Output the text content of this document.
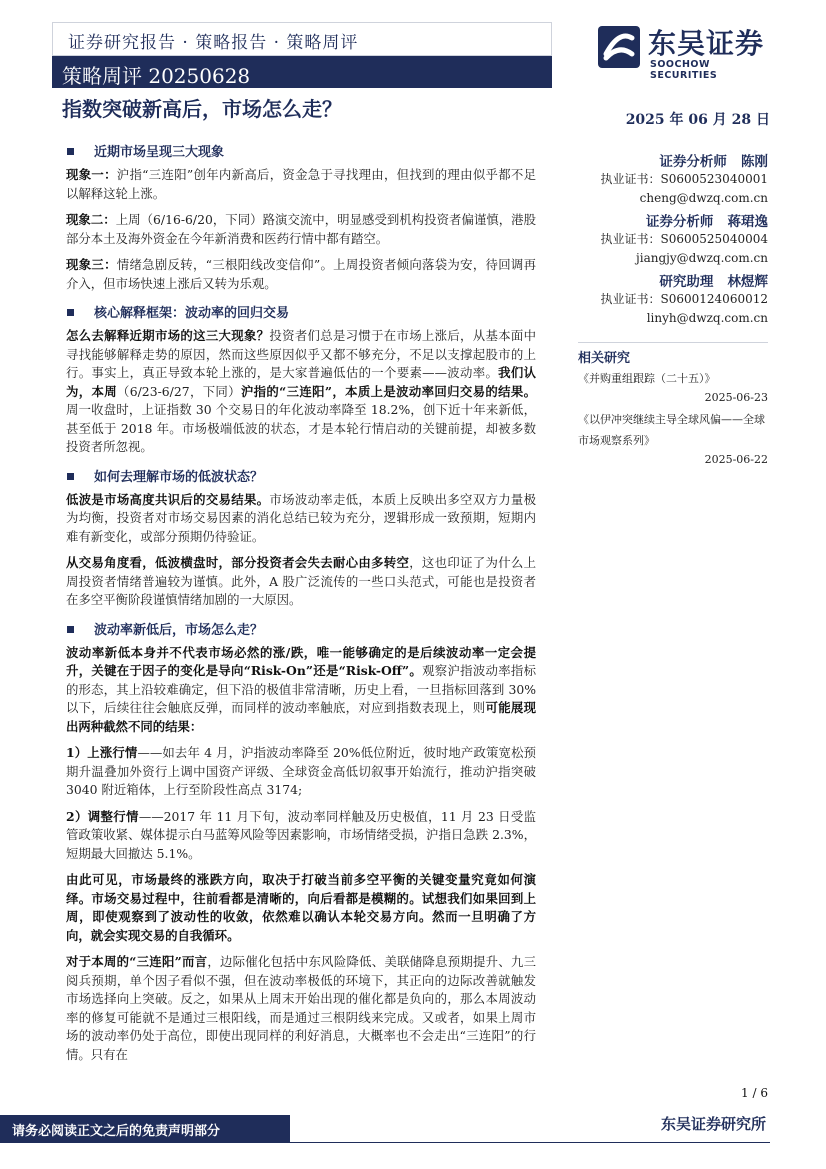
证券研究报告 · 策略报告 · 策略周评
策略周评 20250628
东吴证券
SOOCHOW SECURITIES
指数突破新高后，市场怎么走？	2025 年 06 月 28 日
近期市场呈现三大现象

现象一：沪指“三连阳”创年内新高后，资金急于寻找理由，但找到的理由似乎都不足以解释这轮上涨。

现象二：上周（6/16-6/20，下同）路演交流中，明显感受到机构投资者偏谨慎，港股部分本土及海外资金在今年新消费和医药行情中都有踏空。

现象三：情绪急剧反转，“三根阳线改变信仰”。上周投资者倾向落袋为安，待回调再介入，但市场快速上涨后又转为乐观。

核心解释框架：波动率的回归交易

怎么去解释近期市场的这三大现象？投资者们总是习惯于在市场上涨后，从基本面中寻找能够解释走势的原因，然而这些原因似乎又都不够充分，不足以支撑起股市的上行。事实上，真正导致本轮上涨的，是大家普遍低估的一个要素——波动率。我们认为，本周（6/23-6/27，下同）沪指的“三连阳”，本质上是波动率回归交易的结果。周一收盘时，上证指数 30 个交易日的年化波动率降至 18.2%，创下近十年来新低，甚至低于 2018 年。市场极端低波的状态，才是本轮行情启动的关键前提，却被多数投资者所忽视。

如何去理解市场的低波状态？

低波是市场高度共识后的交易结果。市场波动率走低，本质上反映出多空双方力量极为均衡，投资者对市场交易因素的消化总结已较为充分，逻辑形成一致预期，短期内难有新变化，或部分预期仍待验证。

从交易角度看，低波横盘时，部分投资者会失去耐心由多转空，这也印证了为什么上周投资者情绪普遍较为谨慎。此外，A 股广泛流传的一些口头范式，可能也是投资者在多空平衡阶段谨慎情绪加剧的一大原因。

波动率新低后，市场怎么走？

波动率新低本身并不代表市场必然的涨/跌，唯一能够确定的是后续波动率一定会提升，关键在于因子的变化是导向“Risk-On”还是“Risk-Off”。观察沪指波动率指标的形态，其上沿较难确定，但下沿的极值非常清晰，历史上看，一旦指标回落到 30%以下，后续往往会触底反弹，而同样的波动率触底，对应到指数表现上，则可能展现出两种截然不同的结果：

1）上涨行情——如去年 4 月，沪指波动率降至 20%低位附近，彼时地产政策宽松预期升温叠加外资行上调中国资产评级、全球资金高低切叙事开始流行，推动沪指突破 3040 附近箱体，上行至阶段性高点 3174;

2）调整行情——2017 年 11 月下旬，波动率同样触及历史极值，11 月 23 日受监管政策收紧、媒体提示白马蓝筹风险等因素影响，市场情绪受损，沪指日急跌 2.3%，短期最大回撤达 5.1%。

由此可见，市场最终的涨跌方向，取决于打破当前多空平衡的关键变量究竟如何演绎。市场交易过程中，往前看都是清晰的，向后看都是模糊的。试想我们如果回到上周，即使观察到了波动性的收敛，依然难以确认本轮交易方向。然而一旦明确了方向，就会实现交易的自我循环。

对于本周的“三连阳”而言，边际催化包括中东风险降低、美联储降息预期提升、九三阅兵预期，单个因子看似不强，但在波动率极低的环境下，其正向的边际改善就触发市场选择向上突破。反之，如果从上周末开始出现的催化都是负向的，那么本周波动率的修复可能就不是通过三根阳线，而是通过三根阴线来完成。又或者，如果上周市场的波动率仍处于高位，即使出现同样的利好消息，大概率也不会走出“三连阳”的行情。只有在

证券分析师 陈刚
执业证书：S0600523040001
cheng@dwzq.com.cn
证券分析师 蒋珺逸
执业证书：S0600525040004
jiangjy@dwzq.com.cn
研究助理 林煜辉
执业证书：S0600124060012
linyh@dwzq.com.cn
相关研究
《并购重组跟踪（二十五）》
2025-06-23
《以伊冲突继续主导全球风偏——全球市场观察系列》
2025-06-22
1 / 6
请务必阅读正文之后的免责声明部分	东吴证券研究所
